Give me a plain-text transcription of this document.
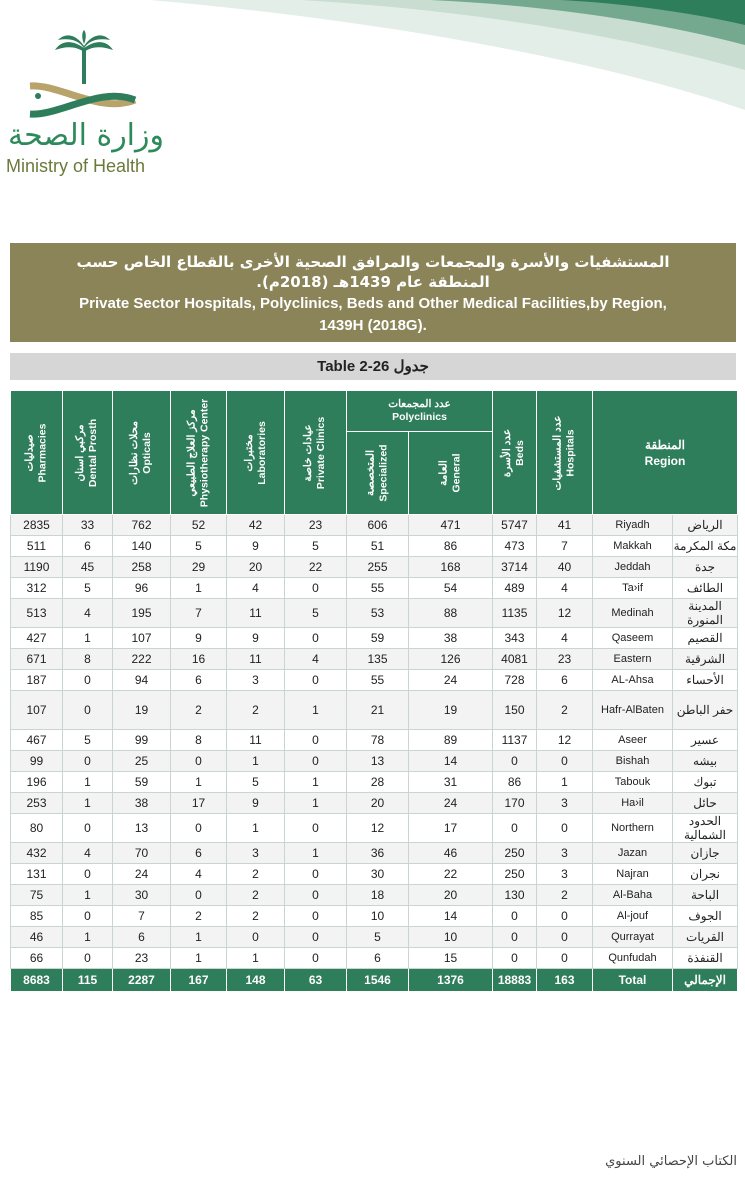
وزارة الصحة
Ministry of Health
المستشفيات والأسرة والمجمعات والمرافق الصحية الأخرى بالقطاع الخاص حسب
المنطقة عام 1439هـ (2018م).
Private Sector Hospitals, Polyclinics, Beds and Other Medical Facilities,by Region,
1439H (2018G).
Table 2-26 جدول
صيدليات Pharmacies	مركبي اسنان Dental Prosth	محلات نظارات Opticals	مركز العلاج الطبيعي Physiotherapy Center	مختبرات Laboratories	عيادات خاصة Private Clinics	عدد المجمعات
Polyclinics		عدد الأسرة Beds	عدد المستشفيات Hospitals	المنطقة
Region	

						المتخصصة Specialized	العامة General				

2835	33	762	52	42	23	606	471	5747	41	Riyadh	الرياض
511	6	140	5	9	5	51	86	473	7	Makkah	مكة المكرمة
1190	45	258	29	20	22	255	168	3714	40	Jeddah	جدة
312	5	96	1	4	0	55	54	489	4	Ta›if	الطائف
513	4	195	7	11	5	53	88	1135	12	Medinah	المدينة المنورة
427	1	107	9	9	0	59	38	343	4	Qaseem	القصيم
671	8	222	16	11	4	135	126	4081	23	Eastern	الشرقية
187	0	94	6	3	0	55	24	728	6	AL-Ahsa	الأحساء
107	0	19	2	2	1	21	19	150	2	Hafr-AlBaten	حفر الباطن
467	5	99	8	11	0	78	89	1137	12	Aseer	عسير
99	0	25	0	1	0	13	14	0	0	Bishah	بيشه
196	1	59	1	5	1	28	31	86	1	Tabouk	تبوك
253	1	38	17	9	1	20	24	170	3	Ha›il	حائل
80	0	13	0	1	0	12	17	0	0	Northern	الحدود الشمالية
432	4	70	6	3	1	36	46	250	3	Jazan	جازان
131	0	24	4	2	0	30	22	250	3	Najran	نجران
75	1	30	0	2	0	18	20	130	2	Al-Baha	الباحة
85	0	7	2	2	0	10	14	0	0	Al-jouf	الجوف
46	1	6	1	0	0	5	10	0	0	Qurrayat	القريات
66	0	23	1	1	0	6	15	0	0	Qunfudah	القنفذة
8683	115	2287	167	148	63	1546	1376	18883	163	Total	الإجمالي
الكتاب الإحصائي السنوي
